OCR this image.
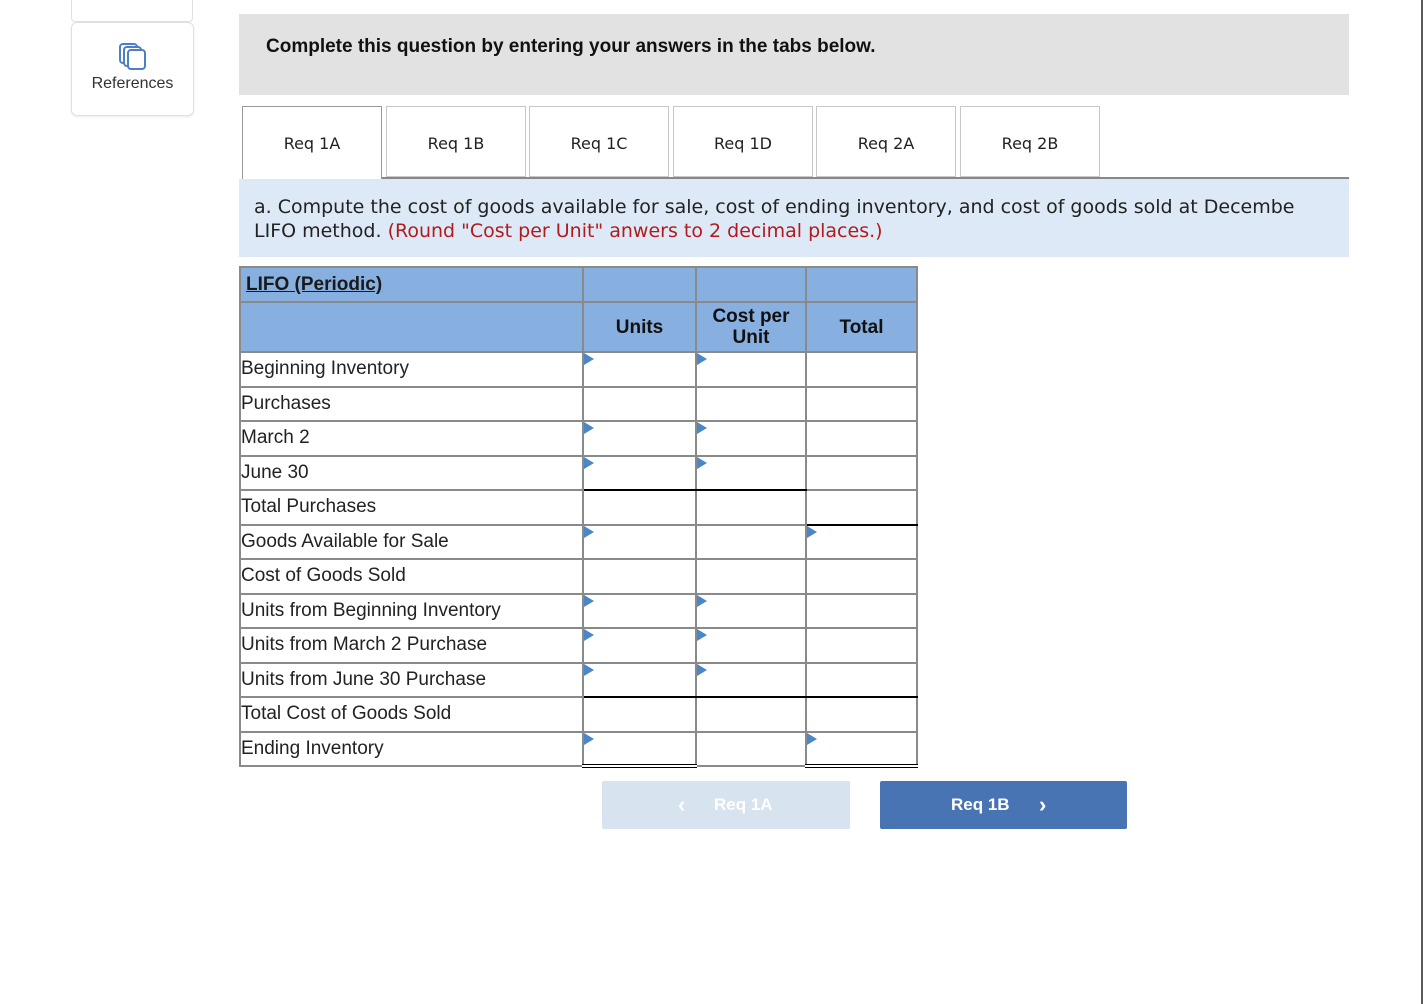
References
Complete this question by entering your answers in the tabs below.
Req 1A	Req 1B	Req 1C	Req 1D	Req 2A	Req 2B

a. Compute the cost of goods available for sale, cost of ending inventory, and cost of goods sold at Decembe
LIFO method. (Round "Cost per Unit" anwers to 2 decimal places.)

LIFO (Periodic)			

	Units	Cost per
Unit	Total
Beginning Inventory	

Purchases			
March 2	

June 30	

Total Purchases			
Goods Available for Sale	

Cost of Goods Sold			
Units from Beginning Inventory	

Units from March 2 Purchase	

Units from June 30 Purchase	

Total Cost of Goods Sold			
Ending Inventory	

‹ Req 1A	Req 1B ›
